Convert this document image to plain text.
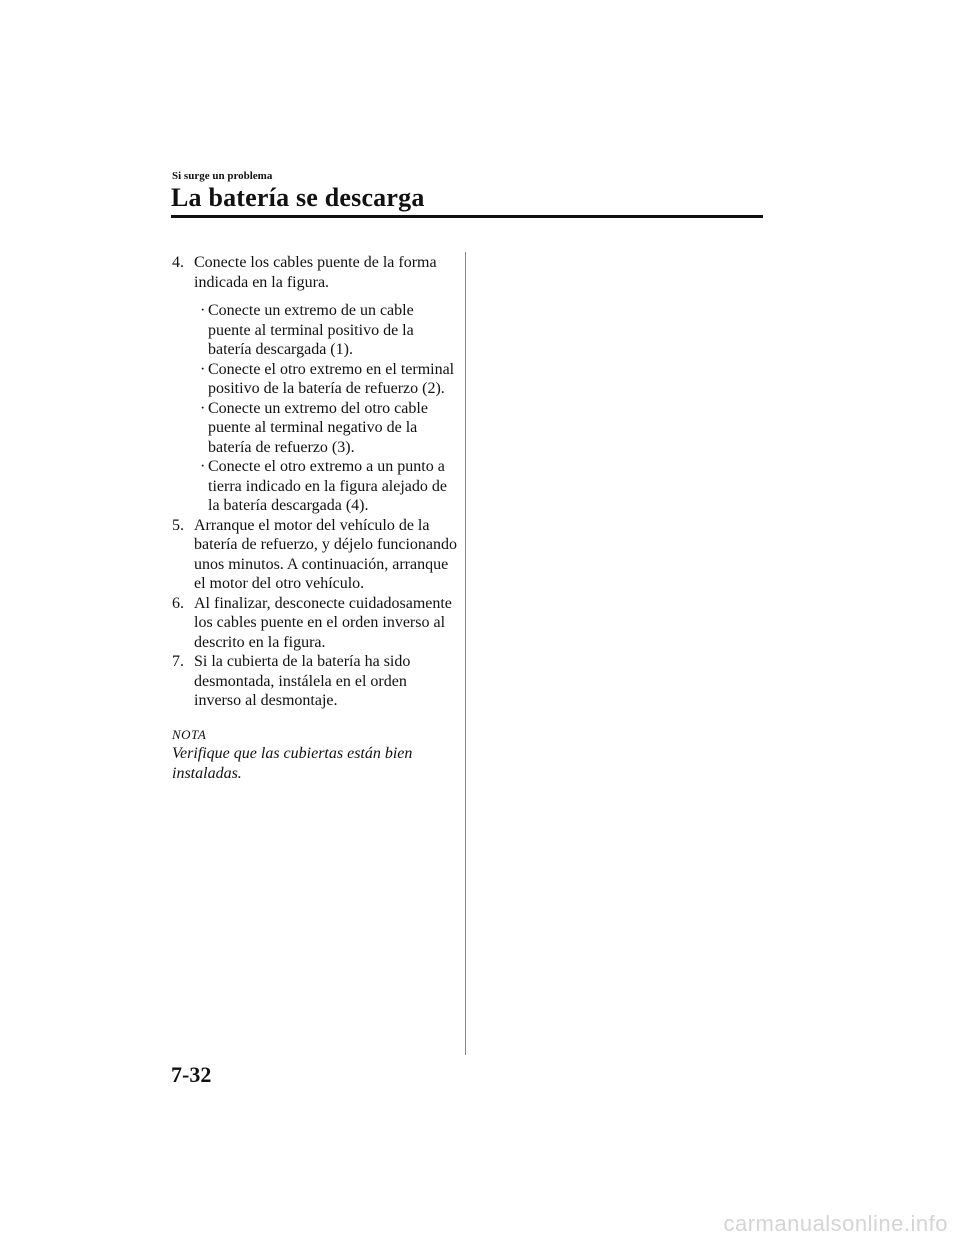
Si surge un problema
La batería se descarga
4. Conecte los cables puente de la forma indicada en la figura.
· Conecte un extremo de un cable puente al terminal positivo de la batería descargada (1).
· Conecte el otro extremo en el terminal positivo de la batería de refuerzo (2).
· Conecte un extremo del otro cable puente al terminal negativo de la batería de refuerzo (3).
· Conecte el otro extremo a un punto a tierra indicado en la figura alejado de la batería descargada (4).
5. Arranque el motor del vehículo de la batería de refuerzo, y déjelo funcionando unos minutos. A continuación, arranque el motor del otro vehículo.
6. Al finalizar, desconecte cuidadosamente los cables puente en el orden inverso al descrito en la figura.
7. Si la cubierta de la batería ha sido desmontada, instálela en el orden inverso al desmontaje.
NOTA
Verifique que las cubiertas están bien instaladas.
7-32
carmanualsonline.info
